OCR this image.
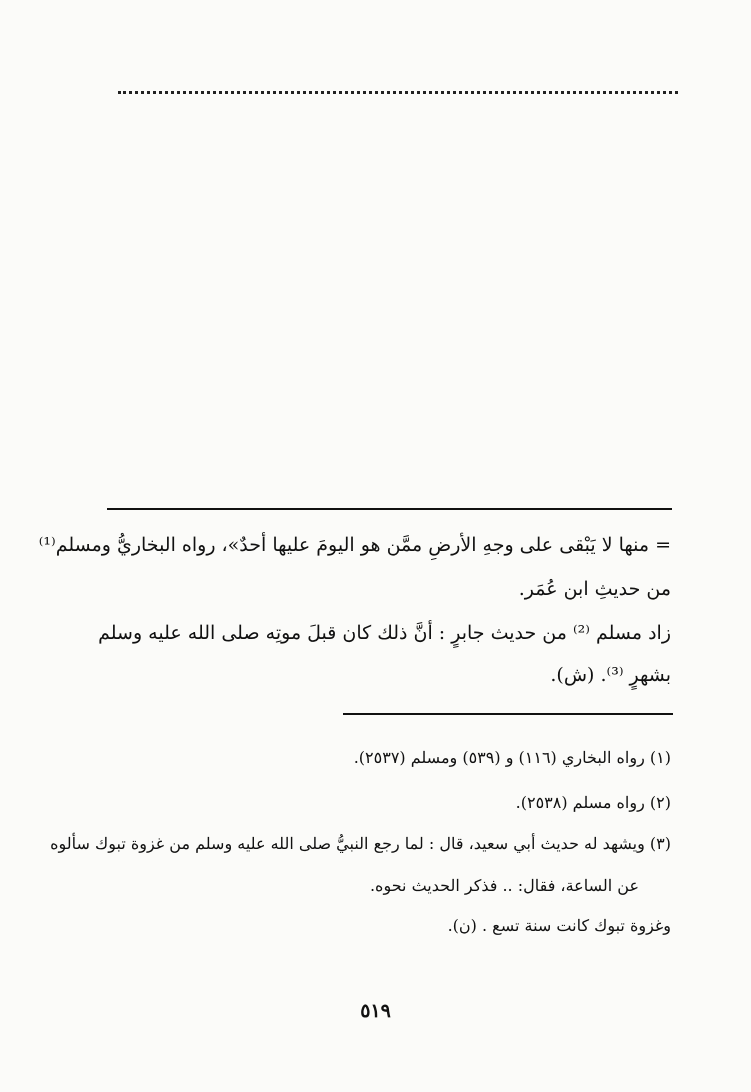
= منها لا يَبْقى على وجهِ الأرضِ ممَّن هو اليومَ عليها أحدٌ»، رواه البخاريُّ ومسلم⁽¹⁾
من حديثِ ابن عُمَر.
زاد مسلم ⁽²⁾ من حديث جابرٍ : أنَّ ذلك كان قبلَ موتِه صلى الله عليه وسلم
بشهرٍ ⁽³⁾. (ش).
(١) رواه البخاري (١١٦) و (٥٣٩) ومسلم (٢٥٣٧).
(٢) رواه مسلم (٢٥٣٨).
(٣) ويشهد له حديث أبي سعيد، قال : لما رجع النبيُّ صلى الله عليه وسلم من غزوة تبوك سألوه
عن الساعة، فقال: .. فذكر الحديث نحوه.
وغزوة تبوك كانت سنة تسع . (ن).
٥١٩
